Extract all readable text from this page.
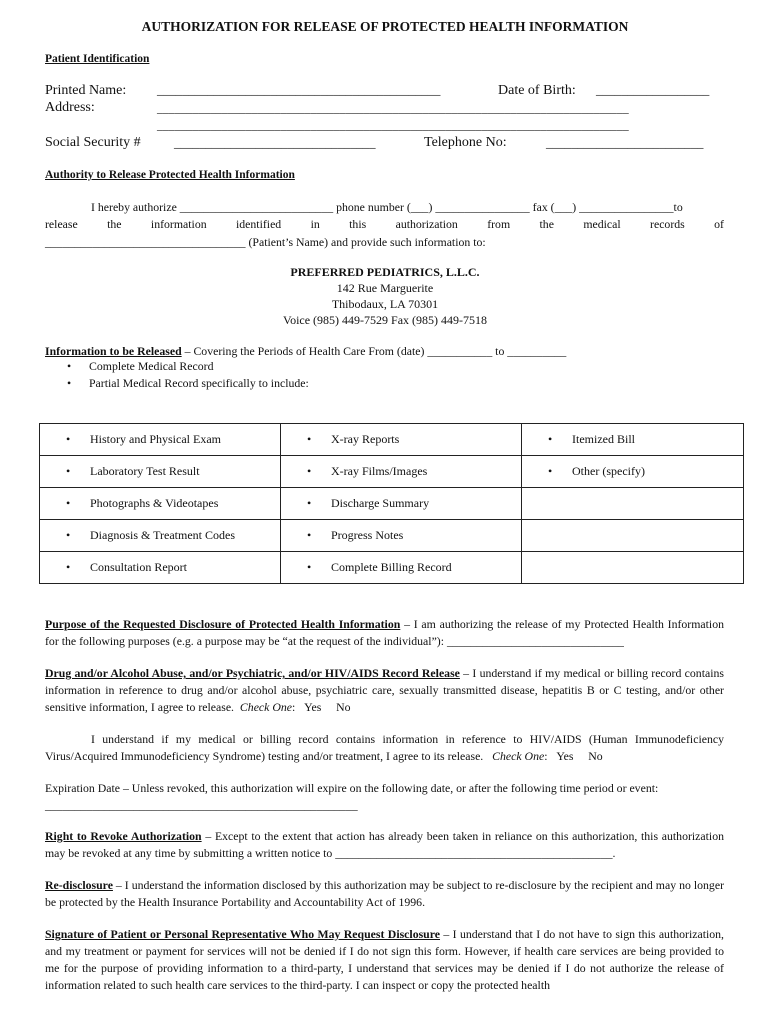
AUTHORIZATION FOR RELEASE OF PROTECTED HEALTH INFORMATION
Patient Identification
Printed Name: _____________________________________________	Date of Birth: __________________
Address:	________________________________________________________________________________
________________________________________________________________________________
Social Security #	________________________________	Telephone No:	_________________________
Authority to Release Protected Health Information
I hereby authorize __________________________ phone number (___) ________________ fax (___) ________________to
release the information identified in this authorization from the medical records of
__________________________________ (Patient’s Name) and provide such information to:
PREFERRED PEDIATRICS, L.L.C.
142 Rue Marguerite
Thibodaux, LA 70301
Voice (985) 449-7529 Fax (985) 449-7518
Information to be Released – Covering the Periods of Health Care From (date) ___________ to __________
• Complete Medical Record
• Partial Medical Record specifically to include:
• History and Physical Exam	• X-ray Reports	• Itemized Bill
• Laboratory Test Result	• X-ray Films/Images	• Other (specify)
• Photographs & Videotapes	• Discharge Summary	
• Diagnosis & Treatment Codes	• Progress Notes	
• Consultation Report	• Complete Billing Record	
Purpose of the Requested Disclosure of Protected Health Information – I am authorizing the release of my Protected Health Information for the following purposes (e.g. a purpose may be “at the request of the individual”): ______________________________
Drug and/or Alcohol Abuse, and/or Psychiatric, and/or HIV/AIDS Record Release – I understand if my medical or billing record contains information in reference to drug and/or alcohol abuse, psychiatric care, sexually transmitted disease, hepatitis B or C testing, and/or other sensitive information, I agree to release. Check One:   Yes No
I understand if my medical or billing record contains information in reference to HIV/AIDS (Human Immunodeficiency Virus/Acquired Immunodeficiency Syndrome) testing and/or treatment, I agree to its release. Check One:   Yes No
Expiration Date – Unless revoked, this authorization will expire on the following date, or after the following time period or event:
_____________________________________________________
Right to Revoke Authorization – Except to the extent that action has already been taken in reliance on this authorization, this authorization may be revoked at any time by submitting a written notice to _______________________________________________.
Re-disclosure – I understand the information disclosed by this authorization may be subject to re-disclosure by the recipient and may no longer be protected by the Health Insurance Portability and Accountability Act of 1996.
Signature of Patient or Personal Representative Who May Request Disclosure – I understand that I do not have to sign this authorization, and my treatment or payment for services will not be denied if I do not sign this form. However, if health care services are being provided to me for the purpose of providing information to a third-party, I understand that services may be denied if I do not authorize the release of information related to such health care services to the third-party. I can inspect or copy the protected health
